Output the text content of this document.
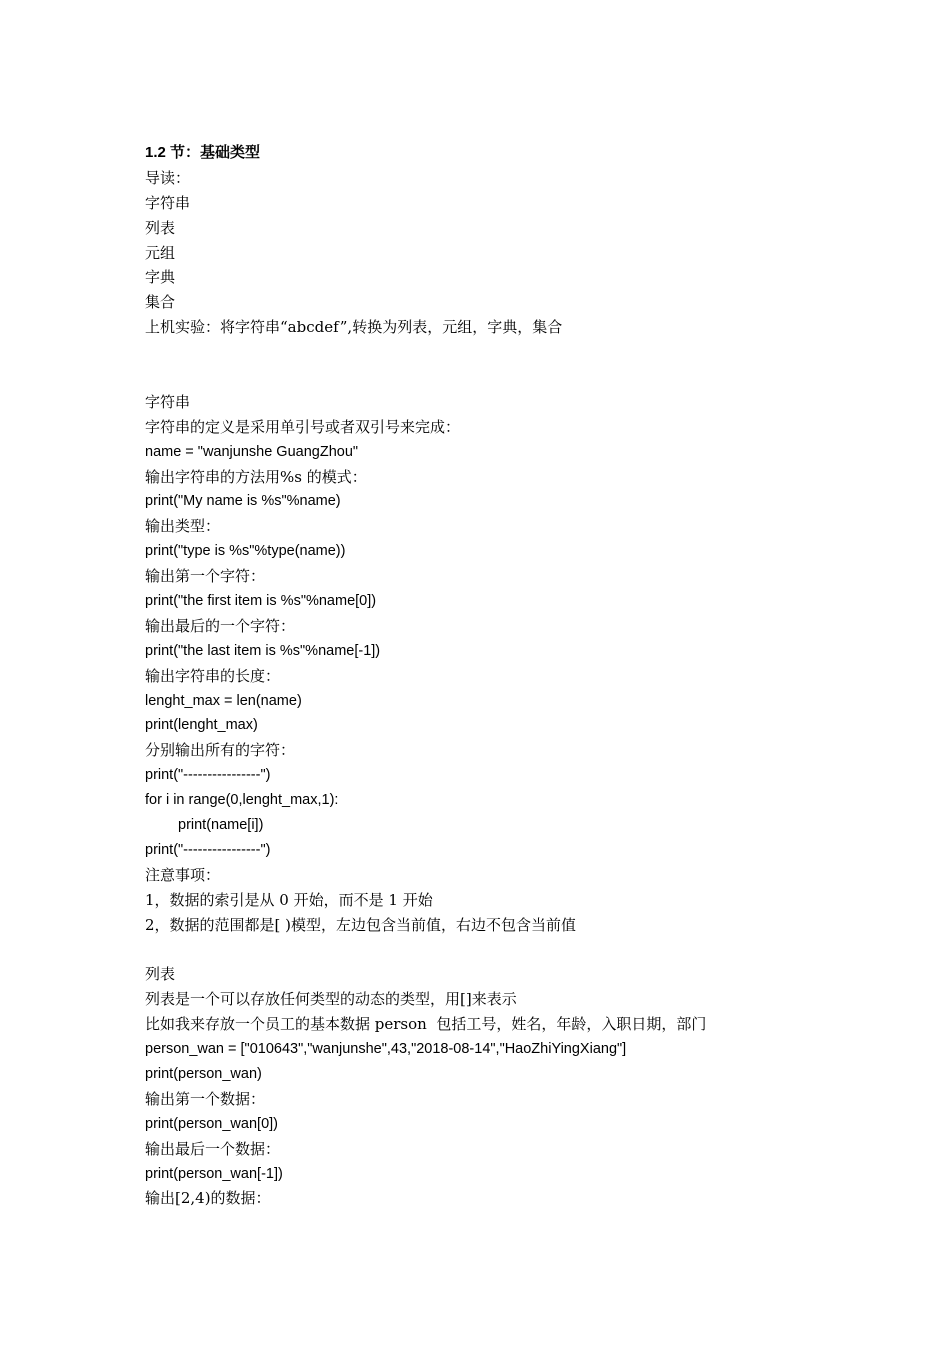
1.2 节：基础类型
导读：
字符串
列表
元组
字典
集合
上机实验：将字符串“abcdef”,转换为列表，元组，字典，集合
字符串
字符串的定义是采用单引号或者双引号来完成：
name = "wanjunshe GuangZhou"
输出字符串的方法用%s 的模式：
print("My name is %s"%name)
输出类型：
print("type is %s"%type(name))
输出第一个字符：
print("the first item is %s"%name[0])
输出最后的一个字符：
print("the last item is %s"%name[-1])
输出字符串的长度：
lenght_max = len(name)
print(lenght_max)
分别输出所有的字符：
print("----------------")
for i in range(0,lenght_max,1):
print(name[i])
print("----------------")
注意事项：
1，数据的索引是从 0 开始，而不是 1 开始
2，数据的范围都是[ )模型，左边包含当前值，右边不包含当前值
列表
列表是一个可以存放任何类型的动态的类型，用[]来表示
比如我来存放一个员工的基本数据 person  包括工号，姓名，年龄，入职日期，部门
person_wan = ["010643","wanjunshe",43,"2018-08-14","HaoZhiYingXiang"]
print(person_wan)
输出第一个数据：
print(person_wan[0])
输出最后一个数据：
print(person_wan[-1])
输出[2,4)的数据：
